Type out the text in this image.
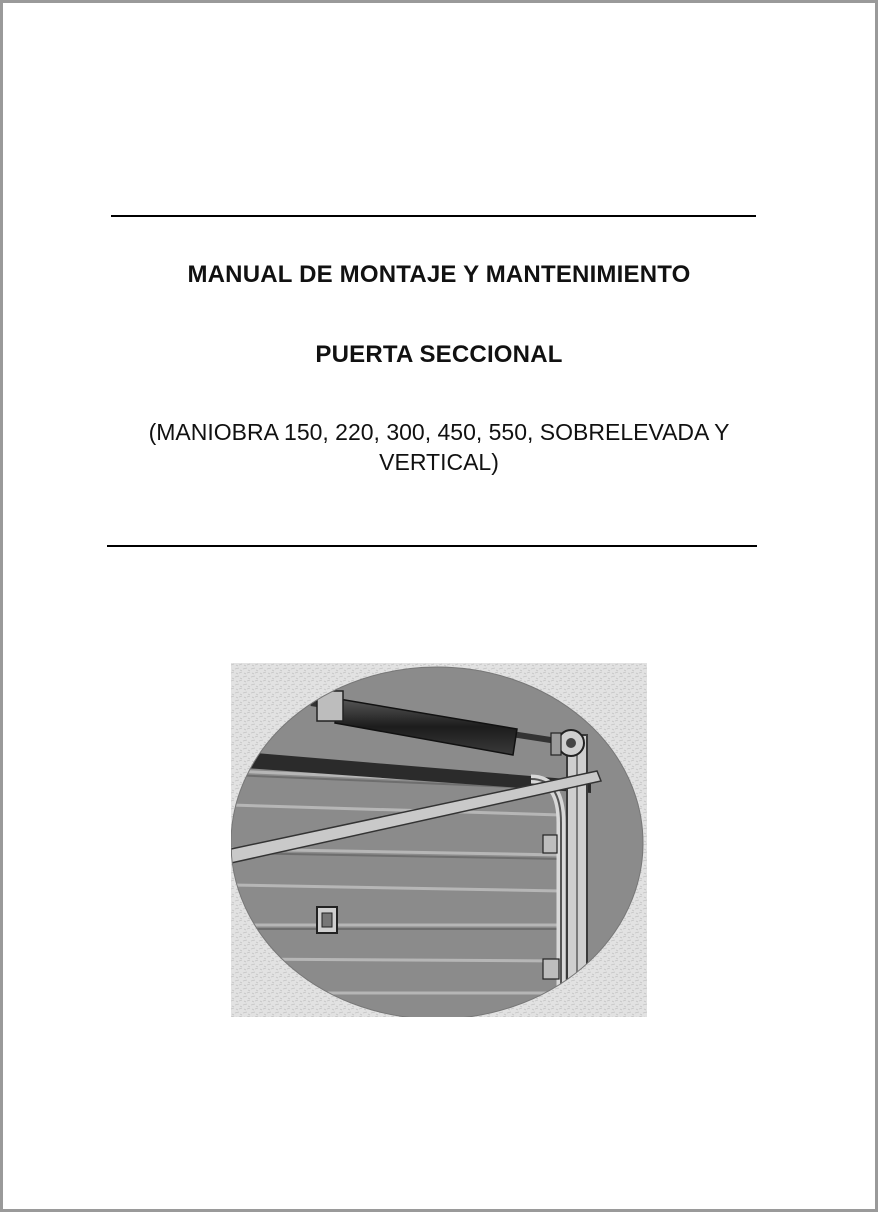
MANUAL DE MONTAJE Y MANTENIMIENTO
PUERTA SECCIONAL
(MANIOBRA 150, 220, 300, 450, 550, SOBRELEVADA Y VERTICAL)
